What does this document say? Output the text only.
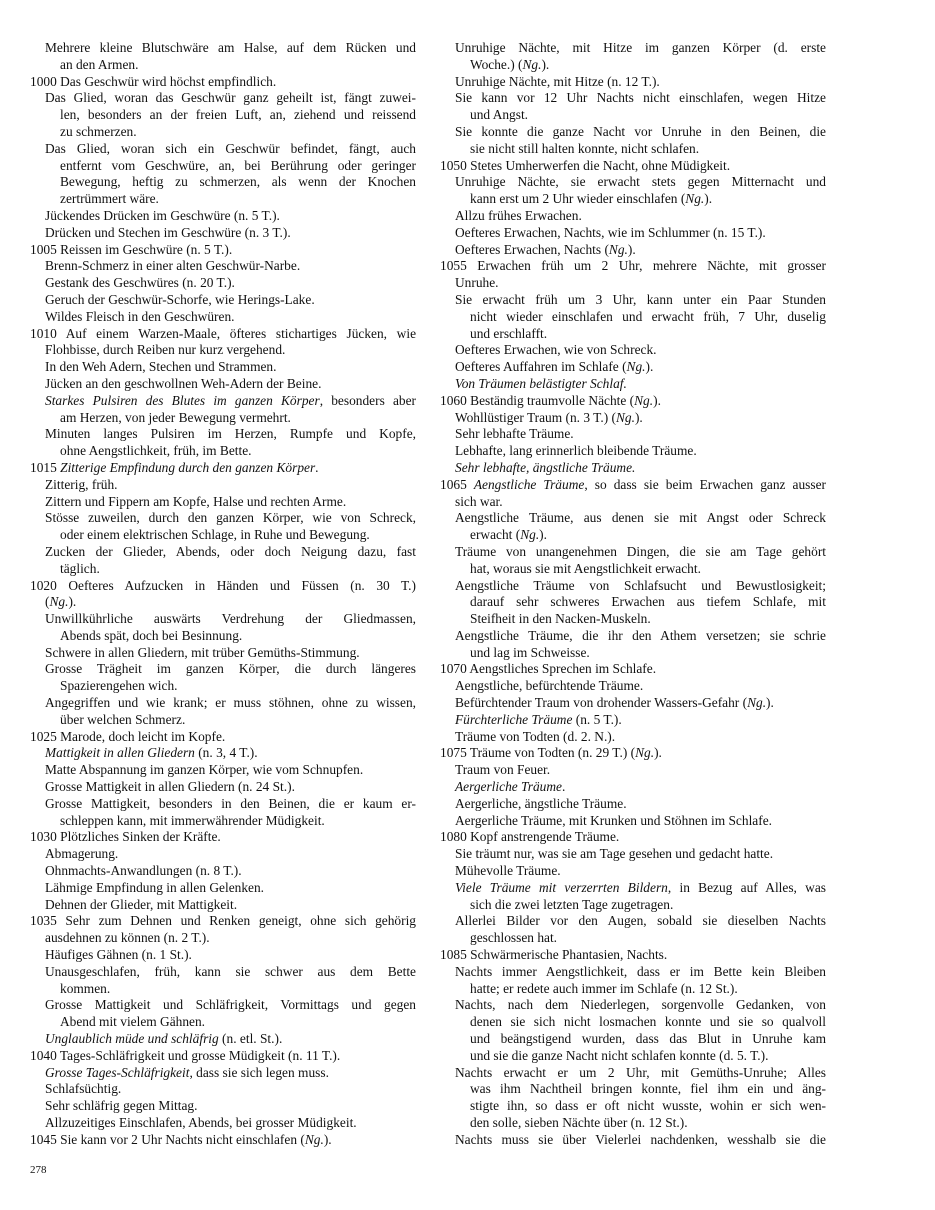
Mehrere kleine Blutschwäre am Halse, auf dem Rücken und
an den Armen.
1000 Das Geschwür wird höchst empfindlich.
Das Glied, woran das Geschwür ganz geheilt ist, fängt zuwei-
len, besonders an der freien Luft, an, ziehend und reissend
zu schmerzen.
Das Glied, woran sich ein Geschwür befindet, fängt, auch
entfernt vom Geschwüre, an, bei Berührung oder geringer
Bewegung, heftig zu schmerzen, als wenn der Knochen
zertrümmert wäre.
Jückendes Drücken im Geschwüre (n. 5 T.).
Drücken und Stechen im Geschwüre (n. 3 T.).
1005 Reissen im Geschwüre (n. 5 T.).
Brenn-Schmerz in einer alten Geschwür-Narbe.
Gestank des Geschwüres (n. 20 T.).
Geruch der Geschwür-Schorfe, wie Herings-Lake.
Wildes Fleisch in den Geschwüren.
1010 Auf einem Warzen-Maale, öfteres stichartiges Jücken, wie
Flohbisse, durch Reiben nur kurz vergehend.
In den Weh Adern, Stechen und Strammen.
Jücken an den geschwollnen Weh-Adern der Beine.
Starkes Pulsiren des Blutes im ganzen Körper, besonders aber
am Herzen, von jeder Bewegung vermehrt.
Minuten langes Pulsiren im Herzen, Rumpfe und Kopfe,
ohne Aengstlichkeit, früh, im Bette.
1015 Zitterige Empfindung durch den ganzen Körper.
Zitterig, früh.
Zittern und Fippern am Kopfe, Halse und rechten Arme.
Stösse zuweilen, durch den ganzen Körper, wie von Schreck,
oder einem elektrischen Schlage, in Ruhe und Bewegung.
Zucken der Glieder, Abends, oder doch Neigung dazu, fast
täglich.
1020 Oefteres Aufzucken in Händen und Füssen (n. 30 T.)
(Ng.).
Unwillkührliche auswärts Verdrehung der Gliedmassen,
Abends spät, doch bei Besinnung.
Schwere in allen Gliedern, mit trüber Gemüths-Stimmung.
Grosse Trägheit im ganzen Körper, die durch längeres
Spazierengehen wich.
Angegriffen und wie krank; er muss stöhnen, ohne zu wissen,
über welchen Schmerz.
1025 Marode, doch leicht im Kopfe.
Mattigkeit in allen Gliedern (n. 3, 4 T.).
Matte Abspannung im ganzen Körper, wie vom Schnupfen.
Grosse Mattigkeit in allen Gliedern (n. 24 St.).
Grosse Mattigkeit, besonders in den Beinen, die er kaum er-
schleppen kann, mit immerwährender Müdigkeit.
1030 Plötzliches Sinken der Kräfte.
Abmagerung.
Ohnmachts-Anwandlungen (n. 8 T.).
Lähmige Empfindung in allen Gelenken.
Dehnen der Glieder, mit Mattigkeit.
1035 Sehr zum Dehnen und Renken geneigt, ohne sich gehörig
ausdehnen zu können (n. 2 T.).
Häufiges Gähnen (n. 1 St.).
Unausgeschlafen, früh, kann sie schwer aus dem Bette
kommen.
Grosse Mattigkeit und Schläfrigkeit, Vormittags und gegen
Abend mit vielem Gähnen.
Unglaublich müde und schläfrig (n. etl. St.).
1040 Tages-Schläfrigkeit und grosse Müdigkeit (n. 11 T.).
Grosse Tages-Schläfrigkeit, dass sie sich legen muss.
Schlafsüchtig.
Sehr schläfrig gegen Mittag.
Allzuzeitiges Einschlafen, Abends, bei grosser Müdigkeit.
1045 Sie kann vor 2 Uhr Nachts nicht einschlafen (Ng.).
Unruhige Nächte, mit Hitze im ganzen Körper (d. erste
Woche.) (Ng.).
Unruhige Nächte, mit Hitze (n. 12 T.).
Sie kann vor 12 Uhr Nachts nicht einschlafen, wegen Hitze
und Angst.
Sie konnte die ganze Nacht vor Unruhe in den Beinen, die
sie nicht still halten konnte, nicht schlafen.
1050 Stetes Umherwerfen die Nacht, ohne Müdigkeit.
Unruhige Nächte, sie erwacht stets gegen Mitternacht und
kann erst um 2 Uhr wieder einschlafen (Ng.).
Allzu frühes Erwachen.
Oefteres Erwachen, Nachts, wie im Schlummer (n. 15 T.).
Oefteres Erwachen, Nachts (Ng.).
1055 Erwachen früh um 2 Uhr, mehrere Nächte, mit grosser
Unruhe.
Sie erwacht früh um 3 Uhr, kann unter ein Paar Stunden
nicht wieder einschlafen und erwacht früh, 7 Uhr, duselig
und erschlafft.
Oefteres Erwachen, wie von Schreck.
Oefteres Auffahren im Schlafe (Ng.).
Von Träumen belästigter Schlaf.
1060 Beständig traumvolle Nächte (Ng.).
Wohllüstiger Traum (n. 3 T.) (Ng.).
Sehr lebhafte Träume.
Lebhafte, lang erinnerlich bleibende Träume.
Sehr lebhafte, ängstliche Träume.
1065 Aengstliche Träume, so dass sie beim Erwachen ganz ausser
sich war.
Aengstliche Träume, aus denen sie mit Angst oder Schreck
erwacht (Ng.).
Träume von unangenehmen Dingen, die sie am Tage gehört
hat, woraus sie mit Aengstlichkeit erwacht.
Aengstliche Träume von Schlafsucht und Bewustlosigkeit;
darauf sehr schweres Erwachen aus tiefem Schlafe, mit
Steifheit in den Nacken-Muskeln.
Aengstliche Träume, die ihr den Athem versetzen; sie schrie
und lag im Schweisse.
1070 Aengstliches Sprechen im Schlafe.
Aengstliche, befürchtende Träume.
Befürchtender Traum von drohender Wassers-Gefahr (Ng.).
Fürchterliche Träume (n. 5 T.).
Träume von Todten (d. 2. N.).
1075 Träume von Todten (n. 29 T.) (Ng.).
Traum von Feuer.
Aergerliche Träume.
Aergerliche, ängstliche Träume.
Aergerliche Träume, mit Krunken und Stöhnen im Schlafe.
1080 Kopf anstrengende Träume.
Sie träumt nur, was sie am Tage gesehen und gedacht hatte.
Mühevolle Träume.
Viele Träume mit verzerrten Bildern, in Bezug auf Alles, was
sich die zwei letzten Tage zugetragen.
Allerlei Bilder vor den Augen, sobald sie dieselben Nachts
geschlossen hat.
1085 Schwärmerische Phantasien, Nachts.
Nachts immer Aengstlichkeit, dass er im Bette kein Bleiben
hatte; er redete auch immer im Schlafe (n. 12 St.).
Nachts, nach dem Niederlegen, sorgenvolle Gedanken, von
denen sie sich nicht losmachen konnte und sie so qualvoll
und beängstigend wurden, dass das Blut in Unruhe kam
und sie die ganze Nacht nicht schlafen konnte (d. 5. T.).
Nachts erwacht er um 2 Uhr, mit Gemüths-Unruhe; Alles
was ihm Nachtheil bringen konnte, fiel ihm ein und äng-
stigte ihn, so dass er oft nicht wusste, wohin er sich wen-
den solle, sieben Nächte über (n. 12 St.).
Nachts muss sie über Vielerlei nachdenken, wesshalb sie die
278
